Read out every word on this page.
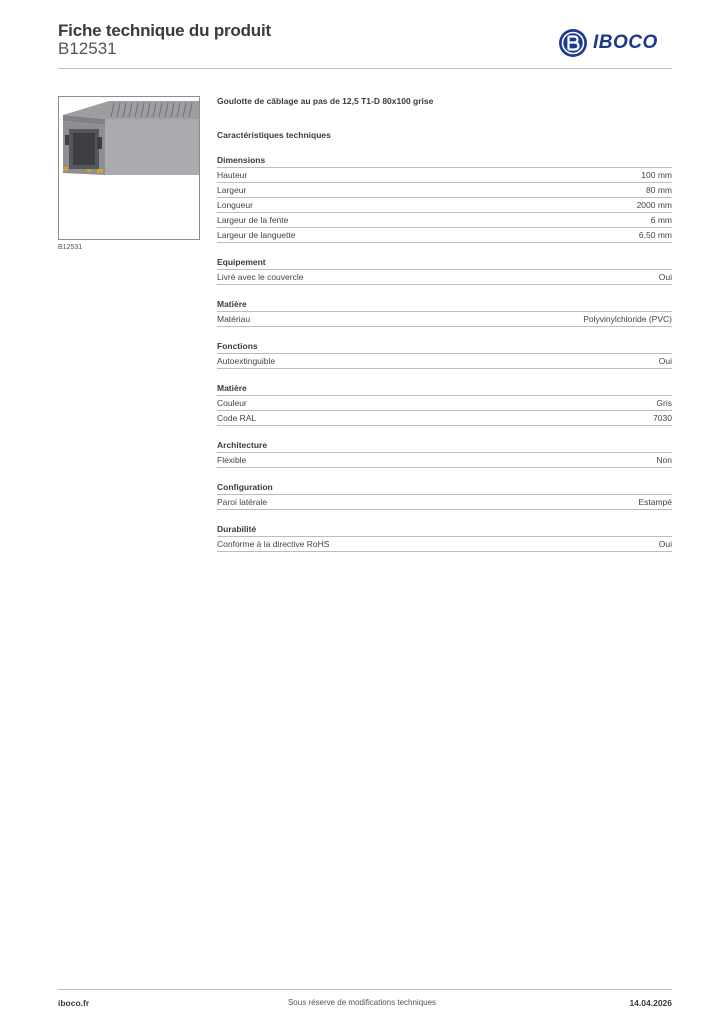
Fiche technique du produit
B12531	IBOCO
B12531
Goulotte de câblage au pas de 12,5 T1-D 80x100 grise
Caractéristiques techniques
Dimensions
Hauteur	100 mm
Largeur	80 mm
Longueur	2000 mm
Largeur de la fente	6 mm
Largeur de languette	6,50 mm
Equipement
Livré avec le couvercle	Oui
Matière
Matériau	Polyvinylchloride (PVC)
Fonctions
Autoextinguible	Oui
Matière
Couleur	Gris
Code RAL	7030
Architecture
Flexible	Non
Configuration
Paroi latérale	Estampé
Durabilité
Conforme à la directive RoHS	Oui
iboco.fr	Sous réserve de modifications techniques	14.04.2026
